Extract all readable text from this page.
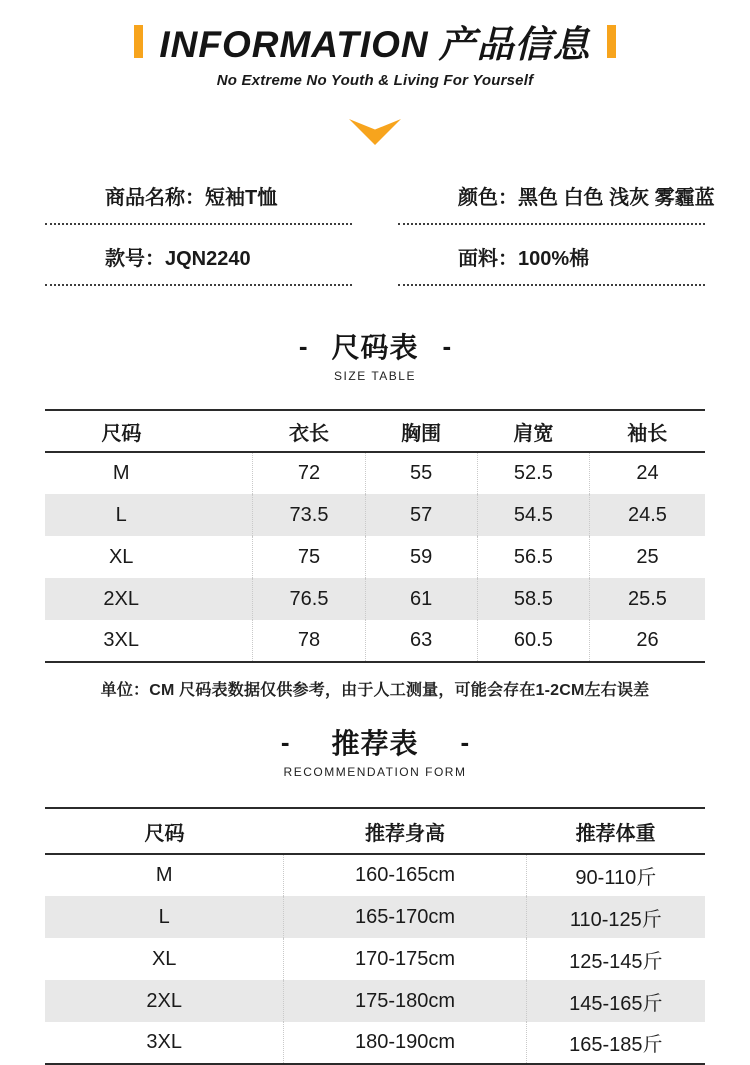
INFORMATION 产品信息
No Extreme No Youth & Living For Yourself
商品名称：短袖T恤	颜色：黑色 白色 浅灰 雾霾蓝
款号：JQN2240	面料：100%棉
- 尺码表 -
SIZE TABLE
尺码	衣长	胸围	肩宽	袖长
M	72	55	52.5	24
L	73.5	57	54.5	24.5
XL	75	59	56.5	25
2XL	76.5	61	58.5	25.5
3XL	78	63	60.5	26
单位：CM 尺码表数据仅供参考，由于人工测量，可能会存在1-2CM左右误差
- 推荐表 -
RECOMMENDATION FORM
尺码	推荐身高	推荐体重
M	160-165cm	90-110斤
L	165-170cm	110-125斤
XL	170-175cm	125-145斤
2XL	175-180cm	145-165斤
3XL	180-190cm	165-185斤
